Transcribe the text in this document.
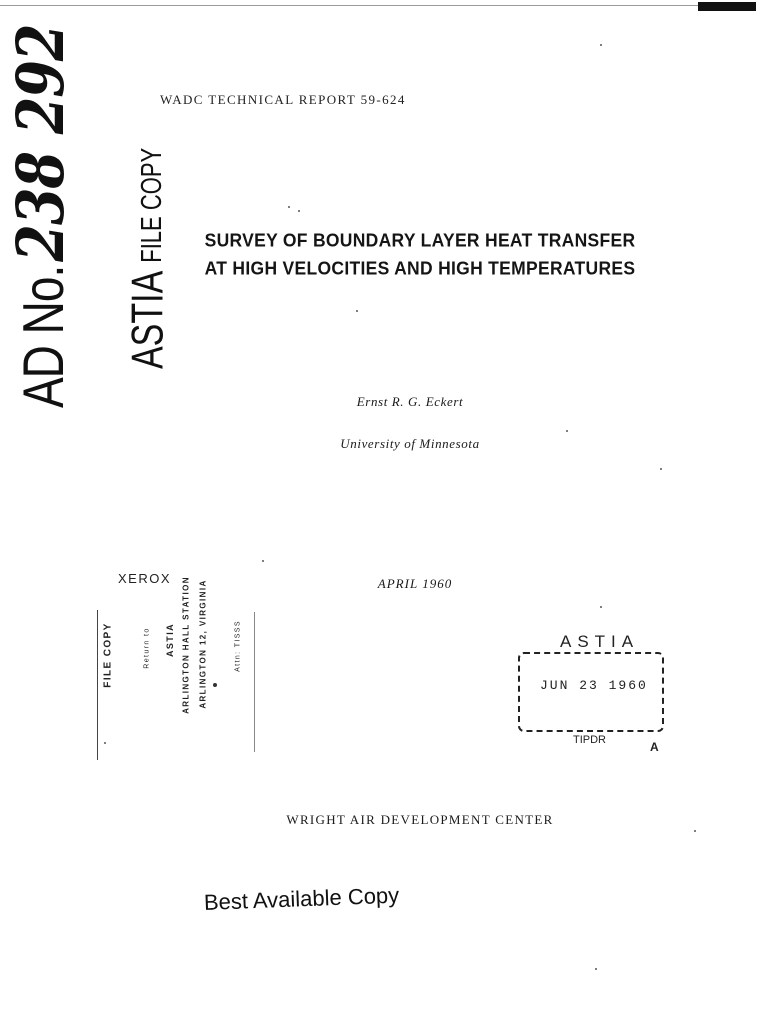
WADC TECHNICAL REPORT 59-624
AD No.238 292
ASTIAFILE COPY	SURVEY OF BOUNDARY LAYER HEAT TRANSFER
AT HIGH VELOCITIES AND HIGH TEMPERATURES
Ernst R. G. Eckert
University of Minnesota
APRIL 1960
XEROX
FILE COPY	Return to ASTIA ARLINGTON HALL STATION ARLINGTON 12, VIRGINIA	Attn: TISSS	ASTIA
JUN 23 1960
TIPDR	A
WRIGHT AIR DEVELOPMENT CENTER
Best Available Copy
